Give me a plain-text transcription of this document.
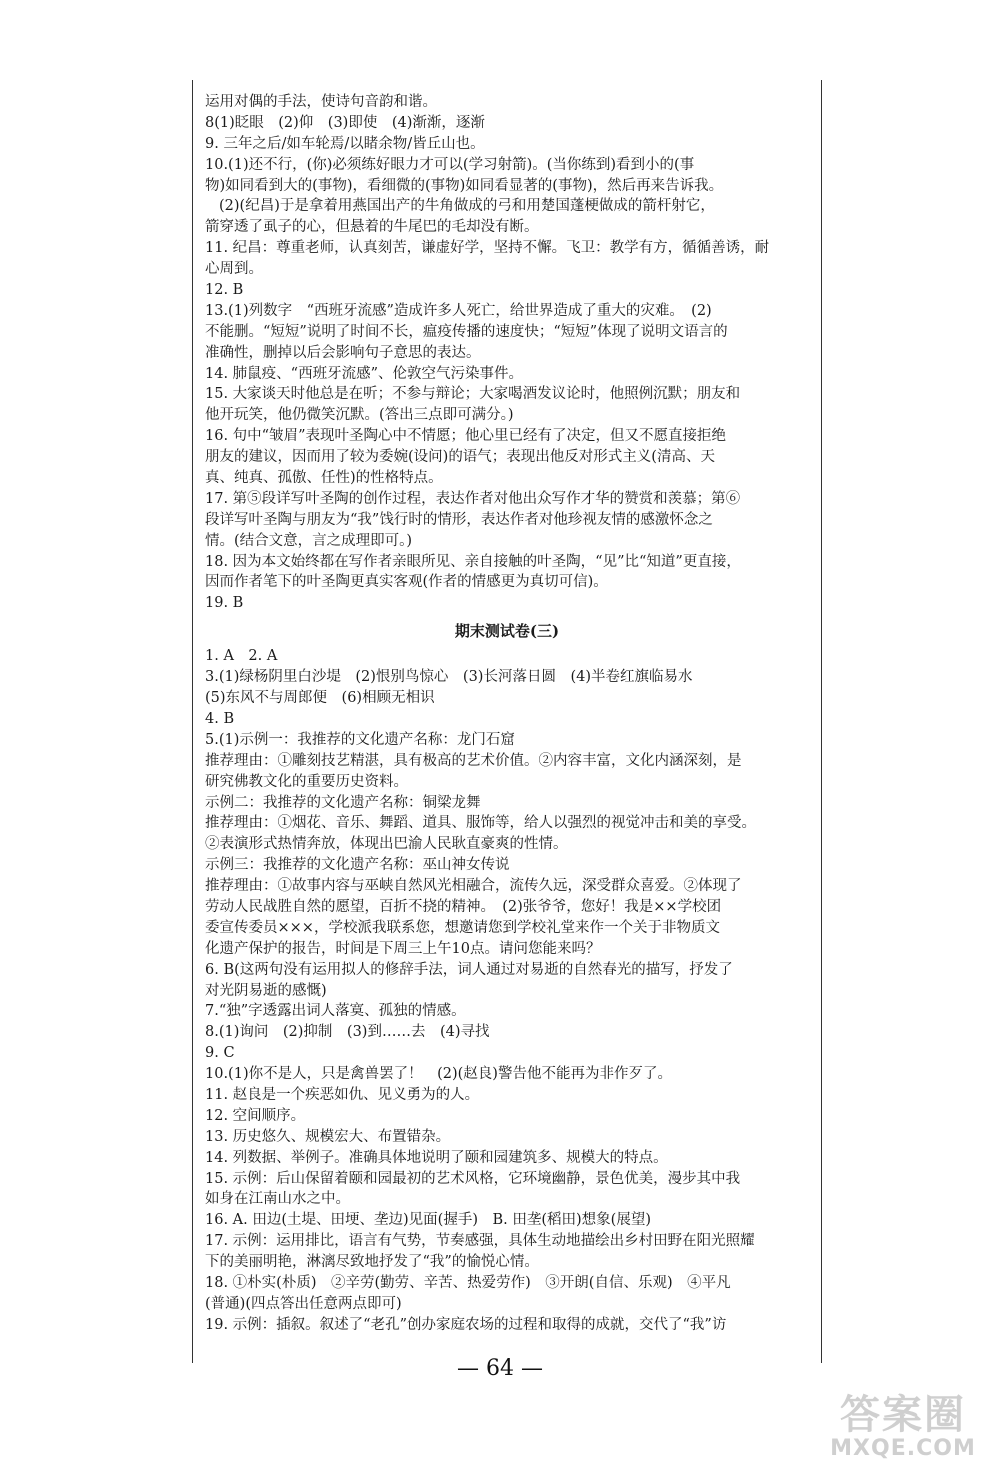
运用对偶的手法，使诗句音韵和谐。
8(1)眨眼　(2)仰　(3)即使　(4)渐渐，逐渐
9. 三年之后/如车轮焉/以睹余物/皆丘山也。
10.(1)还不行，(你)必须练好眼力才可以(学习射箭)。(当你练到)看到小的(事
物)如同看到大的(事物)，看细微的(事物)如同看显著的(事物)，然后再来告诉我。
(2)(纪昌)于是拿着用燕国出产的牛角做成的弓和用楚国蓬梗做成的箭杆射它，
箭穿透了虱子的心，但悬着的牛尾巴的毛却没有断。
11. 纪昌：尊重老师，认真刻苦，谦虚好学，坚持不懈。飞卫：教学有方，循循善诱，耐
心周到。
12. B
13.(1)列数字　“西班牙流感”造成许多人死亡，给世界造成了重大的灾难。　(2)
不能删。“短短”说明了时间不长，瘟疫传播的速度快；“短短”体现了说明文语言的
准确性，删掉以后会影响句子意思的表达。
14. 肺鼠疫、“西班牙流感”、伦敦空气污染事件。
15. 大家谈天时他总是在听；不参与辩论；大家喝酒发议论时，他照例沉默；朋友和
他开玩笑，他仍微笑沉默。(答出三点即可满分。)
16. 句中“皱眉”表现叶圣陶心中不情愿；他心里已经有了决定，但又不愿直接拒绝
朋友的建议，因而用了较为委婉(设问)的语气；表现出他反对形式主义(清高、天
真、纯真、孤傲、任性)的性格特点。
17. 第⑤段详写叶圣陶的创作过程，表达作者对他出众写作才华的赞赏和羡慕；第⑥
段详写叶圣陶与朋友为“我”饯行时的情形，表达作者对他珍视友情的感激怀念之
情。(结合文意，言之成理即可。)
18. 因为本文始终都在写作者亲眼所见、亲自接触的叶圣陶，“见”比“知道”更直接，
因而作者笔下的叶圣陶更真实客观(作者的情感更为真切可信)。
19. B
期末测试卷(三)
1. A　2. A
3.(1)绿杨阴里白沙堤　(2)恨别鸟惊心　(3)长河落日圆　(4)半卷红旗临易水
(5)东风不与周郎便　(6)相顾无相识
4. B
5.(1)示例一：我推荐的文化遗产名称：龙门石窟
推荐理由：①雕刻技艺精湛，具有极高的艺术价值。②内容丰富，文化内涵深刻，是
研究佛教文化的重要历史资料。
示例二：我推荐的文化遗产名称：铜梁龙舞
推荐理由：①烟花、音乐、舞蹈、道具、服饰等，给人以强烈的视觉冲击和美的享受。
②表演形式热情奔放，体现出巴渝人民耿直豪爽的性情。
示例三：我推荐的文化遗产名称：巫山神女传说
推荐理由：①故事内容与巫峡自然风光相融合，流传久远，深受群众喜爱。②体现了
劳动人民战胜自然的愿望，百折不挠的精神。　(2)张爷爷，您好！我是××学校团
委宣传委员×××，学校派我联系您，想邀请您到学校礼堂来作一个关于非物质文
化遗产保护的报告，时间是下周三上午10点。请问您能来吗？
6. B(这两句没有运用拟人的修辞手法，词人通过对易逝的自然春光的描写，抒发了
对光阴易逝的感慨)
7.“独”字透露出词人落寞、孤独的情感。
8.(1)询问　(2)抑制　(3)到……去　(4)寻找
9. C
10.(1)你不是人，只是禽兽罢了！　(2)(赵良)警告他不能再为非作歹了。
11. 赵良是一个疾恶如仇、见义勇为的人。
12. 空间顺序。
13. 历史悠久、规模宏大、布置错杂。
14. 列数据、举例子。准确具体地说明了颐和园建筑多、规模大的特点。
15. 示例：后山保留着颐和园最初的艺术风格，它环境幽静，景色优美，漫步其中我
如身在江南山水之中。
16. A. 田边(土堤、田埂、垄边)见面(握手)　B. 田垄(稻田)想象(展望)
17. 示例：运用排比，语言有气势，节奏感强，具体生动地描绘出乡村田野在阳光照耀
下的美丽明艳，淋漓尽致地抒发了“我”的愉悦心情。
18. ①朴实(朴质)　②辛劳(勤劳、辛苦、热爱劳作)　③开朗(自信、乐观)　④平凡
(普通)(四点答出任意两点即可)
19. 示例：插叙。叙述了“老孔”创办家庭农场的过程和取得的成就，交代了“我”访
— 64 —
答案圈
MXQE.COM
